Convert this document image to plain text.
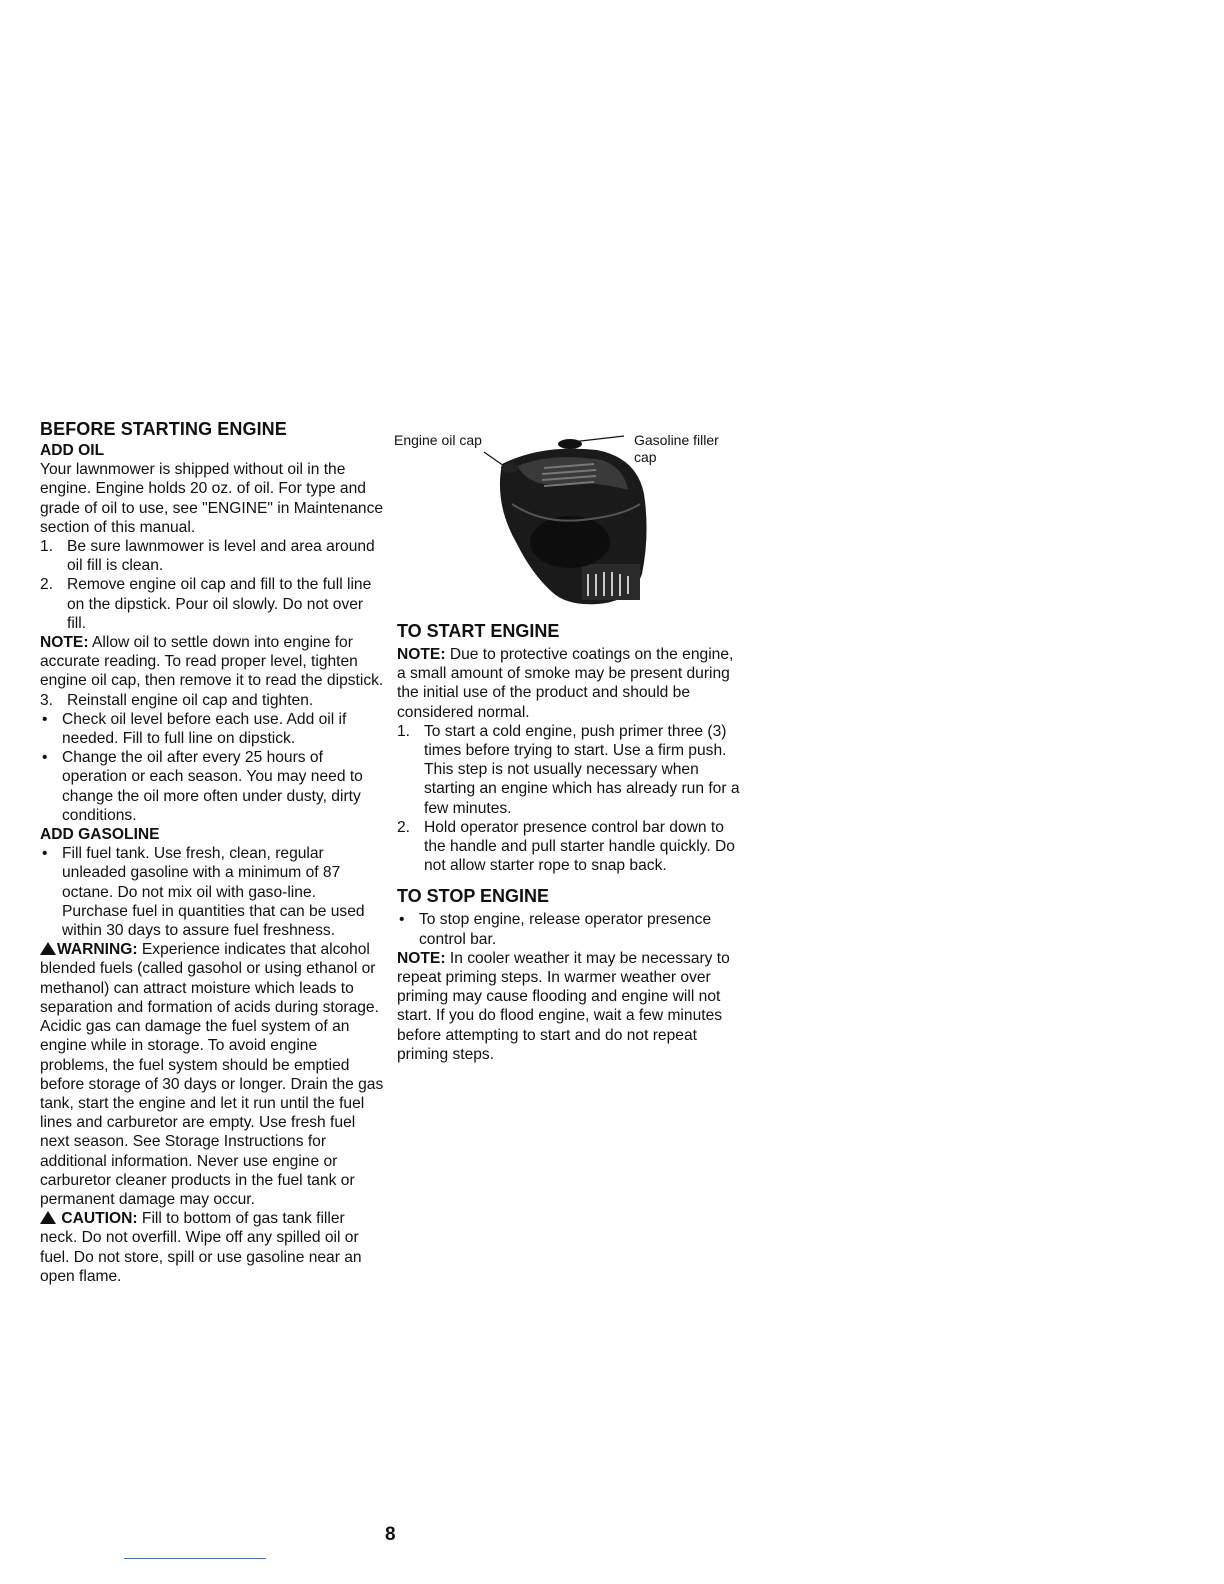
BEFORE STARTING ENGINE
ADD OIL

Your lawnmower is shipped without oil in the engine. Engine holds 20 oz. of oil. For type and grade of oil to use, see "ENGINE" in Maintenance section of this manual.

1. Be sure lawnmower is level and area around oil fill is clean.
2. Remove engine oil cap and fill to the full line on the dipstick. Pour oil slowly. Do not over fill.

NOTE: Allow oil to settle down into engine for accurate reading. To read proper level, tighten engine oil cap, then remove it to read the dipstick.

3. Reinstall engine oil cap and tighten.
• Check oil level before each use. Add oil if needed. Fill to full line on dipstick.
• Change the oil after every 25 hours of operation or each season. You may need to change the oil more often under dusty, dirty conditions.
ADD GASOLINE
• Fill fuel tank. Use fresh, clean, regular unleaded gasoline with a minimum of 87 octane. Do not mix oil with gaso-line. Purchase fuel in quantities that can be used within 30 days to assure fuel freshness.

WARNING: Experience indicates that alcohol blended fuels (called gasohol or using ethanol or methanol) can attract moisture which leads to separation and formation of acids during storage. Acidic gas can damage the fuel system of an engine while in storage. To avoid engine problems, the fuel system should be emptied before storage of 30 days or longer. Drain the gas tank, start the engine and let it run until the fuel lines and carburetor are empty. Use fresh fuel next season. See Storage Instructions for additional information. Never use engine or carburetor cleaner products in the fuel tank or permanent damage may occur.

CAUTION: Fill to bottom of gas tank filler neck. Do not overfill. Wipe off any spilled oil or fuel. Do not store, spill or use gasoline near an open flame.

Engine oil cap	Gasoline filler
cap
TO START ENGINE

NOTE: Due to protective coatings on the engine, a small amount of smoke may be present during the initial use of the product and should be considered normal.

1. To start a cold engine, push primer three (3) times before trying to start. Use a firm push. This step is not usually necessary when starting an engine which has already run for a few minutes.
2. Hold operator presence control bar down to the handle and pull starter handle quickly. Do not allow starter rope to snap back.
TO STOP ENGINE
• To stop engine, release operator presence control bar.

NOTE: In cooler weather it may be necessary to repeat priming steps. In warmer weather over priming may cause flooding and engine will not start. If you do flood engine, wait a few minutes before attempting to start and do not repeat priming steps.

8
